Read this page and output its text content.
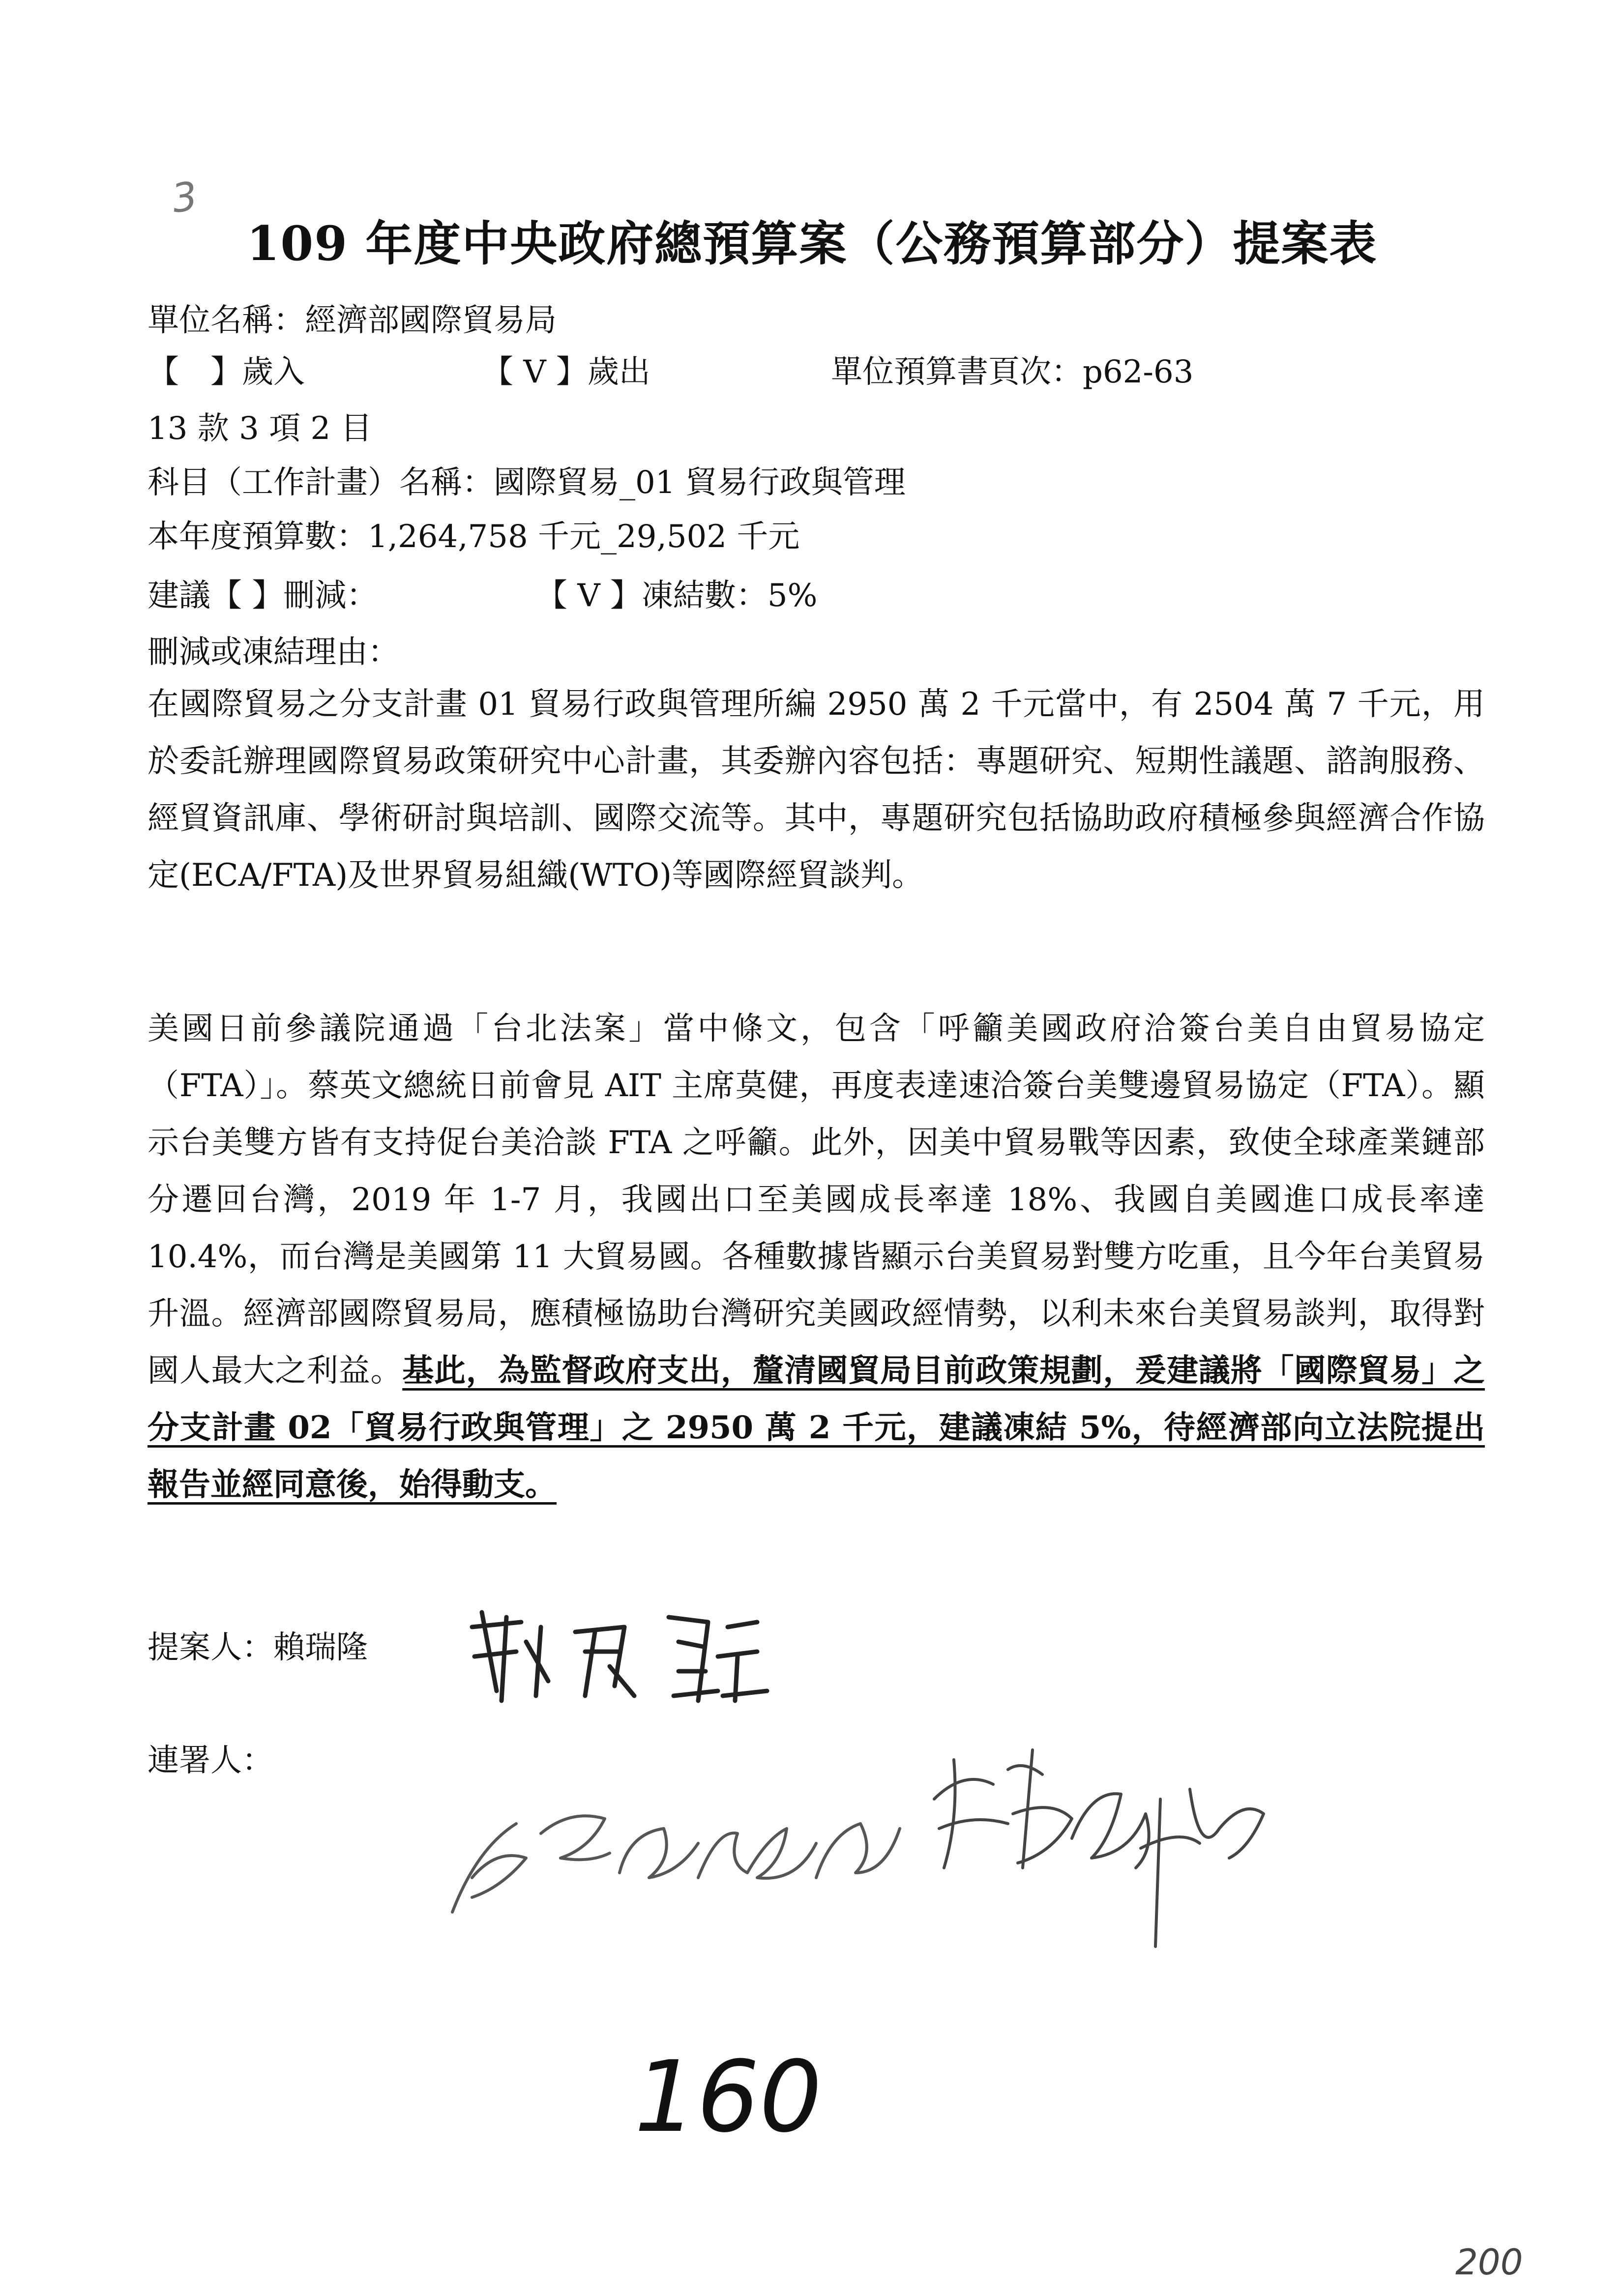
3
109 年度中央政府總預算案（公務預算部分）提案表
單位名稱：經濟部國際貿易局
【　】歲入	【 V 】歲出	單位預算書頁次：p62-63
13 款 3 項 2 目
科目（工作計畫）名稱：國際貿易_01 貿易行政與管理
本年度預算數：1,264,758 千元_29,502 千元
建議【 】刪減：	【 V 】凍結數：5%
刪減或凍結理由：
在國際貿易之分支計畫 01 貿易行政與管理所編 2950 萬 2 千元當中，有 2504 萬 7 千元，用於委託辦理國際貿易政策研究中心計畫，其委辦內容包括：專題研究、短期性議題、諮詢服務、經貿資訊庫、學術研討與培訓、國際交流等。其中，專題研究包括協助政府積極參與經濟合作協定(ECA/FTA)及世界貿易組織(WTO)等國際經貿談判。
美國日前參議院通過「台北法案」當中條文，包含「呼籲美國政府洽簽台美自由貿易協定（FTA）」。蔡英文總統日前會見 AIT 主席莫健，再度表達速洽簽台美雙邊貿易協定（FTA）。顯示台美雙方皆有支持促台美洽談 FTA 之呼籲。此外，因美中貿易戰等因素，致使全球產業鏈部分遷回台灣，2019 年 1-7 月，我國出口至美國成長率達 18%、我國自美國進口成長率達 10.4%，而台灣是美國第 11 大貿易國。各種數據皆顯示台美貿易對雙方吃重，且今年台美貿易升溫。經濟部國際貿易局，應積極協助台灣研究美國政經情勢，以利未來台美貿易談判，取得對國人最大之利益。基此，為監督政府支出，釐清國貿局目前政策規劃，爰建議將「國際貿易」之分支計畫 02「貿易行政與管理」之 2950 萬 2 千元，建議凍結 5%，待經濟部向立法院提出報告並經同意後，始得動支。
提案人：賴瑞隆
連署人：
160
200
